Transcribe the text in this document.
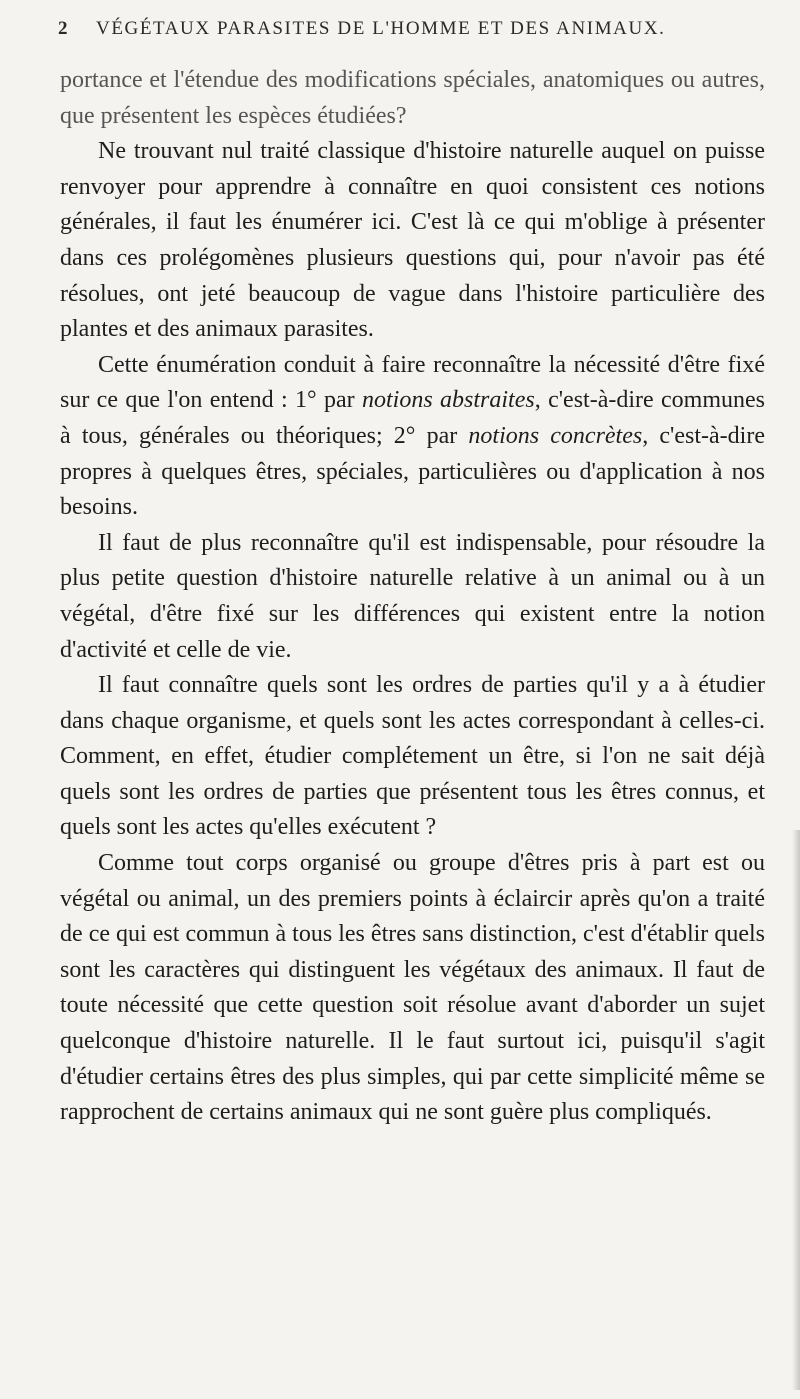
2 VÉGÉTAUX PARASITES DE L'HOMME ET DES ANIMAUX.

portance et l'étendue des modifications spéciales, anatomiques ou autres, que présentent les espèces étudiées?

Ne trouvant nul traité classique d'histoire naturelle auquel on puisse renvoyer pour apprendre à connaître en quoi consistent ces notions générales, il faut les énumérer ici. C'est là ce qui m'oblige à présenter dans ces prolégomènes plusieurs questions qui, pour n'avoir pas été résolues, ont jeté beaucoup de vague dans l'histoire particulière des plantes et des animaux parasites.

Cette énumération conduit à faire reconnaître la nécessité d'être fixé sur ce que l'on entend : 1° par notions abstraites, c'est-à-dire communes à tous, générales ou théoriques; 2° par notions concrètes, c'est-à-dire propres à quelques êtres, spéciales, particulières ou d'application à nos besoins.

Il faut de plus reconnaître qu'il est indispensable, pour résoudre la plus petite question d'histoire naturelle relative à un animal ou à un végétal, d'être fixé sur les différences qui existent entre la notion d'activité et celle de vie.

Il faut connaître quels sont les ordres de parties qu'il y a à étudier dans chaque organisme, et quels sont les actes correspondant à celles-ci. Comment, en effet, étudier complétement un être, si l'on ne sait déjà quels sont les ordres de parties que présentent tous les êtres connus, et quels sont les actes qu'elles exécutent ?

Comme tout corps organisé ou groupe d'êtres pris à part est ou végétal ou animal, un des premiers points à éclaircir après qu'on a traité de ce qui est commun à tous les êtres sans distinction, c'est d'établir quels sont les caractères qui distinguent les végétaux des animaux. Il faut de toute nécessité que cette question soit résolue avant d'aborder un sujet quelconque d'histoire naturelle. Il le faut surtout ici, puisqu'il s'agit d'étudier certains êtres des plus simples, qui par cette simplicité même se rapprochent de certains animaux qui ne sont guère plus compliqués.
